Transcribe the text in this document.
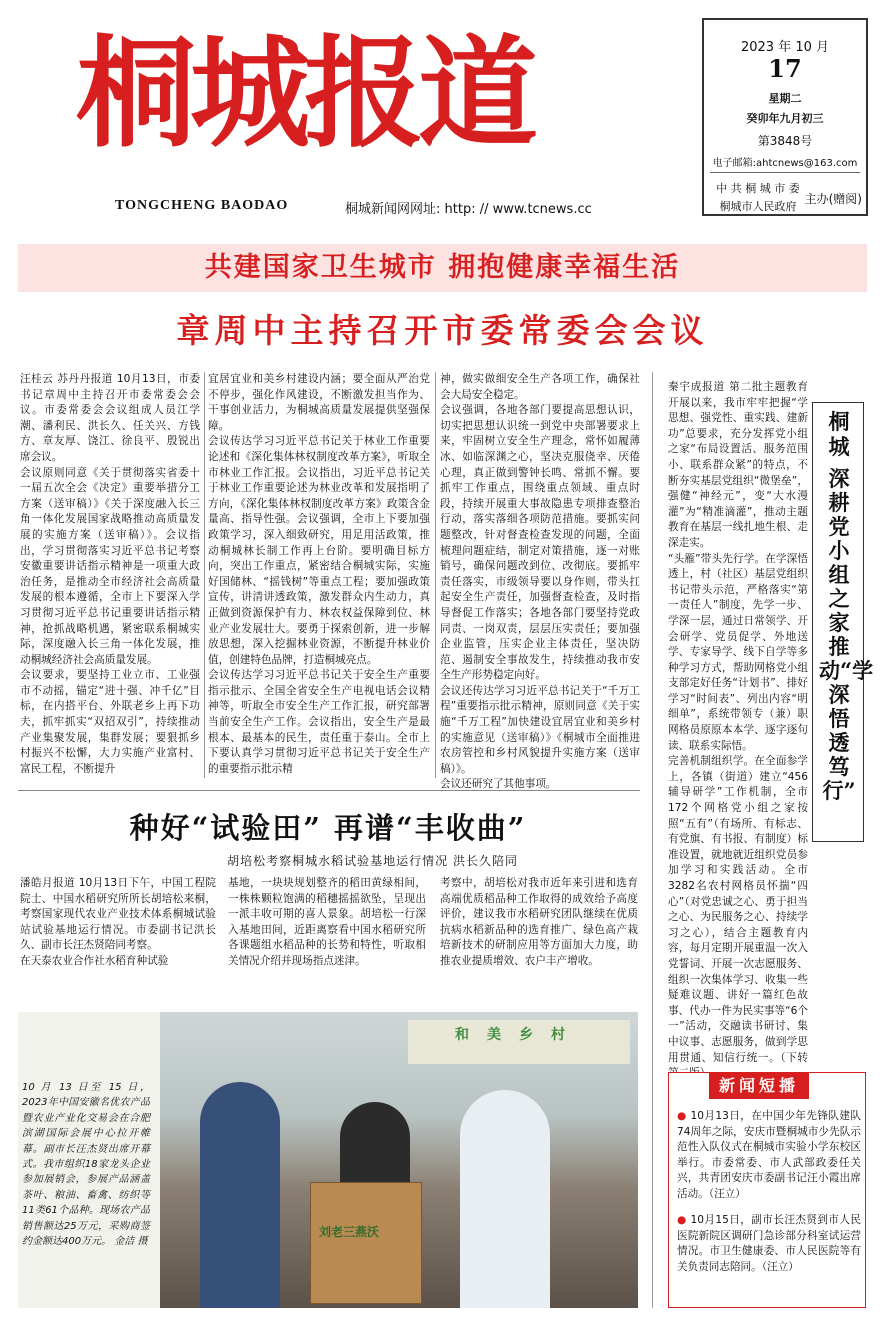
桐城报道
TONGCHENG BAODAO	桐城新闻网网址: http: // www.tcnews.cc
2023 年 10 月
17
星期二
癸卯年九月初三
第3848号
电子邮箱:ahtcnews@163.com
中 共 桐 城 市 委
桐城市人民政府
主办(赠阅)
共建国家卫生城市 拥抱健康幸福生活
章周中主持召开市委常委会会议
汪桂云 苏丹丹报道 10月13日，市委书记章周中主持召开市委常委会会议。市委常委会会议组成人员江学潮、潘利民、洪长久、任关兴、方钱方、章友厚、饶江、徐良平、殷锐出席会议。
会议原则同意《关于贯彻落实省委十一届五次全会《决定》重要举措分工方案（送审稿）》《关于深度融入长三角一体化发展国家战略推动高质量发展的实施方案（送审稿）》。会议指出，学习贯彻落实习近平总书记考察安徽重要讲话指示精神是一项重大政治任务，是推动全市经济社会高质量发展的根本遵循，全市上下要深入学习贯彻习近平总书记重要讲话指示精神，抢抓战略机遇，紧密联系桐城实际，深度融入长三角一体化发展，推动桐城经济社会高质量发展。
会议要求，要坚持工业立市、工业强市不动摇，锚定“进十强、冲千亿”目标，在内搭平台、外联老乡上再下功夫，抓牢抓实“双招双引”，持续推动产业集聚发展，集群发展；要狠抓乡村振兴不松懈，大力实施产业富村、富民工程，不断提升
宜居宜业和美乡村建设内涵；要全面从严治党不停步，强化作风建设，不断激发担当作为、干事创业活力，为桐城高质量发展提供坚强保障。
会议传达学习习近平总书记关于林业工作重要论述和《深化集体林权制度改革方案》，听取全市林业工作汇报。会议指出，习近平总书记关于林业工作重要论述为林业改革和发展指明了方向，《深化集体林权制度改革方案》政策含金量高、指导性强。会议强调，全市上下要加强政策学习，深入细致研究，用足用活政策，推动桐城林长制工作再上台阶。要明确目标方向，突出工作重点，紧密结合桐城实际，实施好国储林、“摇钱树”等重点工程；要加强政策宣传，讲清讲透政策，激发群众内生动力，真正做到资源保护有力、林农权益保障到位、林业产业发展壮大。要勇于探索创新，进一步解放思想，深入挖掘林业资源，不断提升林业价值，创建特色品牌，打造桐城亮点。
会议传达学习习近平总书记关于安全生产重要指示批示、全国全省安全生产电视电话会议精神等，听取全市安全生产工作汇报，研究部署当前安全生产工作。会议指出，安全生产是最根本、最基本的民生，责任重于泰山。全市上下要认真学习贯彻习近平总书记关于安全生产的重要指示批示精
神，做实做细安全生产各项工作，确保社会大局安全稳定。
会议强调，各地各部门要提高思想认识，切实把思想认识统一到党中央部署要求上来，牢固树立安全生产理念，常怀如履薄冰、如临深渊之心，坚决克服侥幸、厌倦心理，真正做到警钟长鸣、常抓不懈。要抓牢工作重点，围绕重点领域、重点时段，持续开展重大事故隐患专项排查整治行动，落实落细各项防范措施。要抓实问题整改，针对督查检查发现的问题，全面梳理问题症结，制定对策措施，逐一对账销号，确保问题改到位、改彻底。要抓牢责任落实，市级领导要以身作则，带头扛起安全生产责任，加强督查检查，及时指导督促工作落实；各地各部门要坚持党政同责、一岗双责，层层压实责任；要加强企业监管，压实企业主体责任，坚决防范、遏制安全事故发生，持续推动我市安全生产形势稳定向好。
会议还传达学习习近平总书记关于“千万工程”重要指示批示精神，原则同意《关于实施“千万工程”加快建设宜居宜业和美乡村的实施意见（送审稿）》《桐城市全面推进农房管控和乡村风貌提升实施方案（送审稿）》。
会议还研究了其他事项。
种好“试验田” 再谱“丰收曲”
胡培松考察桐城水稻试验基地运行情况 洪长久陪同
潘皓月报道 10月13日下午，中国工程院院士、中国水稻研究所所长胡培松来桐，考察国家现代农业产业技术体系桐城试验站试验基地运行情况。市委副书记洪长久、副市长汪杰贤陪同考察。
在天泰农业合作社水稻育种试验
基地，一块块规划整齐的稻田黄绿相间，一株株颗粒饱满的稻穗摇摇欲坠，呈现出一派丰收可期的喜人景象。胡培松一行深入基地田间，近距离察看中国水稻研究所各课题组水稻品种的长势和特性，听取相关情况介绍并现场指点迷津。
考察中，胡培松对我市近年来引进和选育高端优质稻品种工作取得的成效给予高度评价，建议我市水稻研究团队继续在优质抗病水稻新品种的选育推广、绿色高产栽培新技术的研制应用等方面加大力度，助推农业提质增效、农户丰产增收。
10 月 13 日至 15 日，2023年中国安徽名优农产品暨农业产业化交易会在合肥滨湖国际会展中心拉开帷幕。副市长汪杰贤出席开幕式。我市组织18家龙头企业参加展销会，参展产品涵盖茶叶、粮油、畜禽、纺织等11类61个品种。现场农产品销售额达25万元，采购商签约金额达400万元。 金洁 摄
和美乡村
刘老三燕沃
秦宇成报道 第二批主题教育开展以来，我市牢牢把握“学思想、强党性、重实践、建新功”总要求，充分发挥党小组之家“布局设置活、服务范围小、联系群众紧”的特点，不断夯实基层党组织“微堡垒”，强健“神经元”，变“大水漫灌”为“精准滴灌”，推动主题教育在基层一线扎地生根、走深走实。
“头雁”带头先行学。在学深悟透上，村（社区）基层党组织书记带头示范，严格落实“第一责任人”制度，先学一步、学深一层，通过日常领学、开会研学、党员促学、外地送学、专家导学、线下自学等多种学习方式，帮助网格党小组支部定好任务“计划书”、排好学习“时间表”、列出内容“明细单”，系统带领专（兼）职网格员原原本本学、逐字逐句读、联系实际悟。
完善机制组织学。在全面参学上，各镇（街道）建立“456辅导研学”工作机制，全市172个网格党小组之家按照“五有”（有场所、有标志、有党旗、有书报、有制度）标准设置，就地就近组织党员参加学习和实践活动。全市3282名农村网格员怀揣“四心”（对党忠诚之心、勇于担当之心、为民服务之心、持续学习之心），结合主题教育内容，每月定期开展重温一次入党誓词、开展一次志愿服务、组织一次集体学习、收集一些疑难议题、讲好一篇红色故事、代办一件为民实事等“6个一”活动，交融读书研讨、集中议事、志愿服务，做到学思用贯通、知信行统一。（下转
桐城
深耕党小组之家 推动“学深悟透笃行”
新闻短播
● 10月13日，在中国少年先锋队建队74周年之际，安庆市暨桐城市少先队示范性入队仪式在桐城市实验小学东校区举行。市委常委、市人武部政委任关兴，共青团安庆市委副书记汪小霞出席活动。（汪立）
● 10月15日，副市长汪杰贤到市人民医院新院区调研门急诊部分科室试运营情况。市卫生健康委、市人民医院等有关负责同志陪同。（汪立）
